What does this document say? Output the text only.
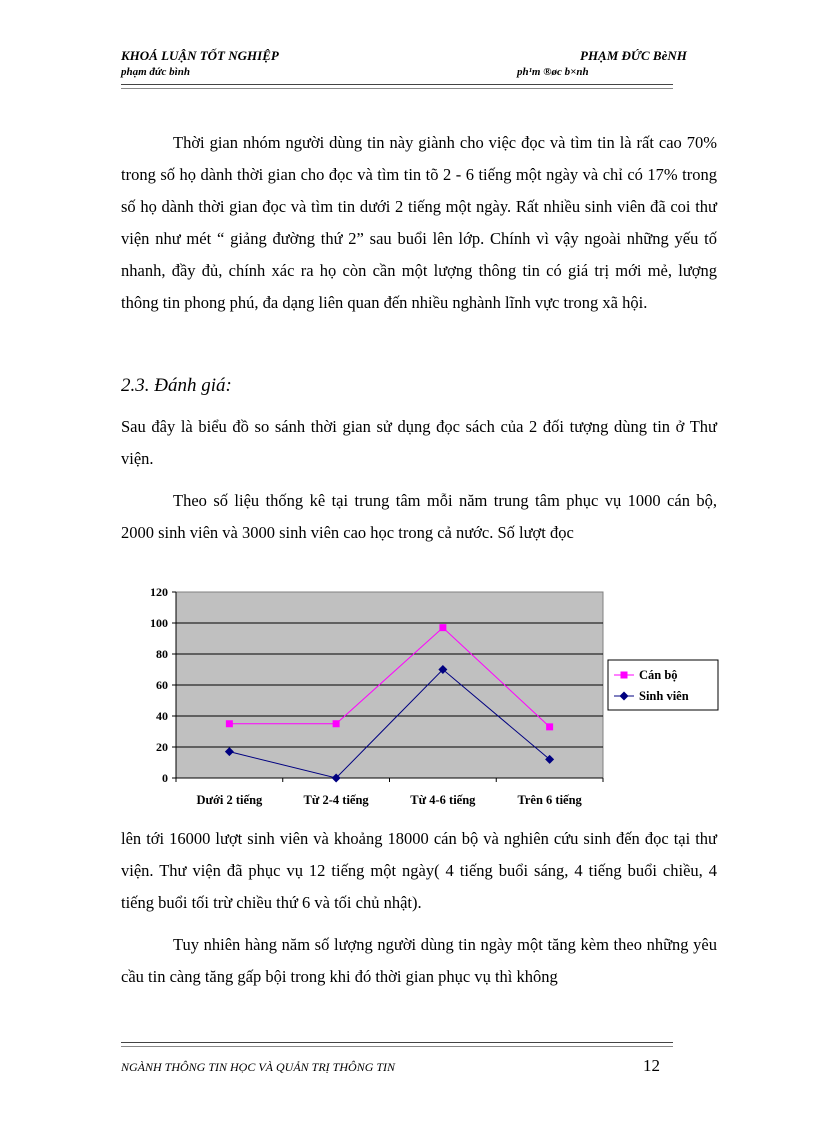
KHOÁ LUẬN TỐT NGHIỆP
phạm đức bình
PHẠM ĐỨC BèNH
ph¹m ®øc b×nh

Thời gian nhóm người dùng tin này giành cho việc đọc và tìm tin là rất cao 70% trong số họ dành thời gian cho đọc và tìm tin tõ 2 - 6 tiếng một ngày và chỉ có 17% trong số họ dành thời gian đọc và tìm tin dưới 2 tiếng một ngày. Rất nhiều sinh viên đã coi thư viện như mét “ giảng đường thứ 2” sau buổi lên lớp. Chính vì vậy ngoài những yếu tố nhanh, đầy đủ, chính xác ra họ còn cần một lượng thông tin có giá trị mới mẻ, lượng thông tin phong phú, đa dạng liên quan đến nhiều nghành lĩnh vực trong xã hội.

2.3. Đánh giá:

Sau đây là biểu đồ so sánh thời gian sử dụng đọc sách của 2 đối tượng dùng tin ở Thư viện.

Theo số liệu thống kê tại trung tâm mỗi năm trung tâm phục vụ 1000 cán bộ, 2000 sinh viên và 3000 sinh viên cao học trong cả nước. Số lượt đọc

0
20
40
60
80
100
120
Dưới 2 tiếng	Từ 2-4 tiếng	Từ 4-6 tiếng	Trên 6 tiếng
Cán bộ
Sinh viên

lên tới 16000 lượt sinh viên và khoảng 18000 cán bộ và nghiên cứu sinh đến đọc tại thư viện. Thư viện đã phục vụ 12 tiếng một ngày( 4 tiếng buổi sáng, 4 tiếng buổi chiều, 4 tiếng buổi tối trừ chiều thứ 6 và tối chủ nhật).

Tuy nhiên hàng năm số lượng người dùng tin ngày một tăng kèm theo những yêu cầu tin càng tăng gấp bội trong khi đó thời gian phục vụ thì không

NGÀNH THÔNG TIN HỌC VÀ QUẢN TRỊ THÔNG TIN	12
